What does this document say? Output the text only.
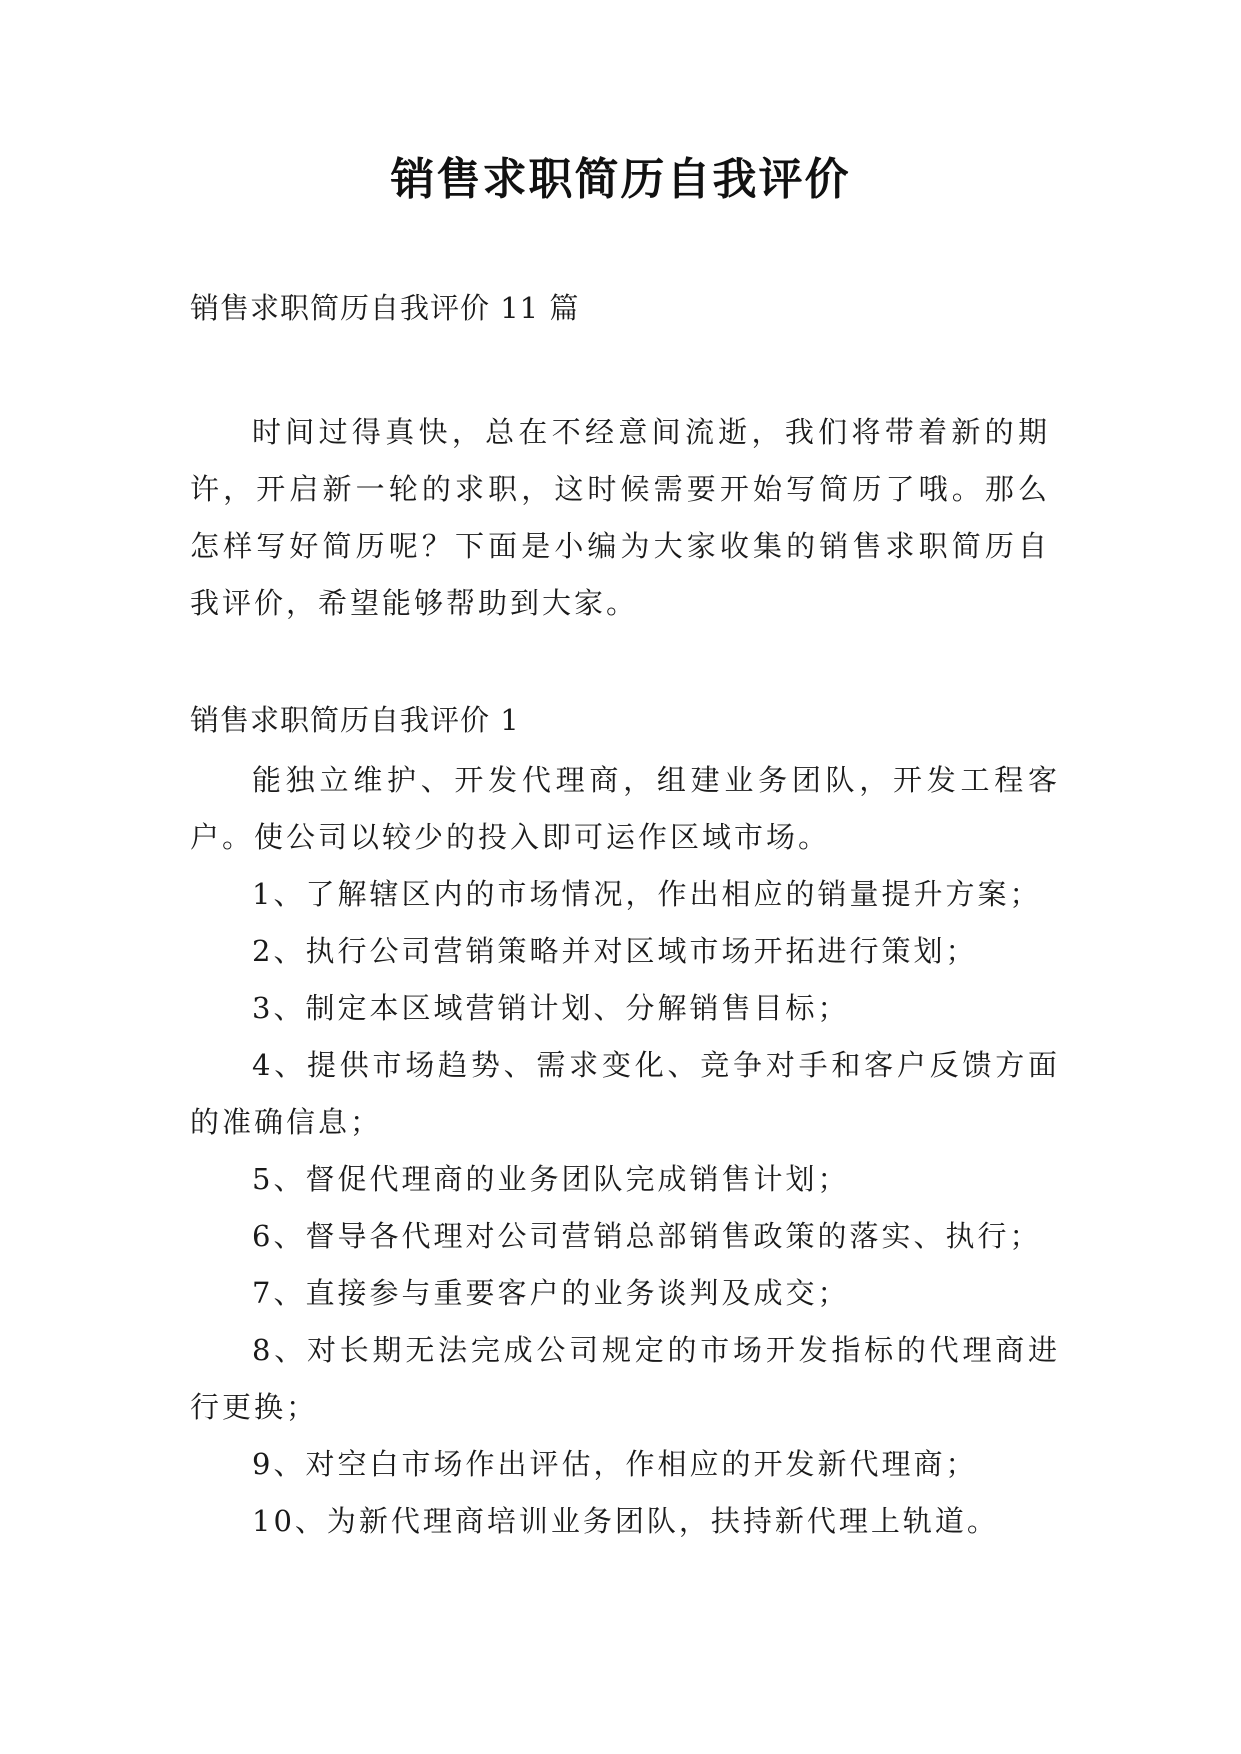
销售求职简历自我评价
销售求职简历自我评价 11 篇
时间过得真快，总在不经意间流逝，我们将带着新的期许，开启新一轮的求职，这时候需要开始写简历了哦。那么怎样写好简历呢？下面是小编为大家收集的销售求职简历自我评价，希望能够帮助到大家。
销售求职简历自我评价 1

能独立维护、开发代理商，组建业务团队，开发工程客户。使公司以较少的投入即可运作区域市场。

1、了解辖区内的市场情况，作出相应的销量提升方案；

2、执行公司营销策略并对区域市场开拓进行策划；

3、制定本区域营销计划、分解销售目标；

4、提供市场趋势、需求变化、竞争对手和客户反馈方面的准确信息；

5、督促代理商的业务团队完成销售计划；

6、督导各代理对公司营销总部销售政策的落实、执行；

7、直接参与重要客户的业务谈判及成交；

8、对长期无法完成公司规定的市场开发指标的代理商进行更换；

9、对空白市场作出评估，作相应的开发新代理商；

10、为新代理商培训业务团队，扶持新代理上轨道。
